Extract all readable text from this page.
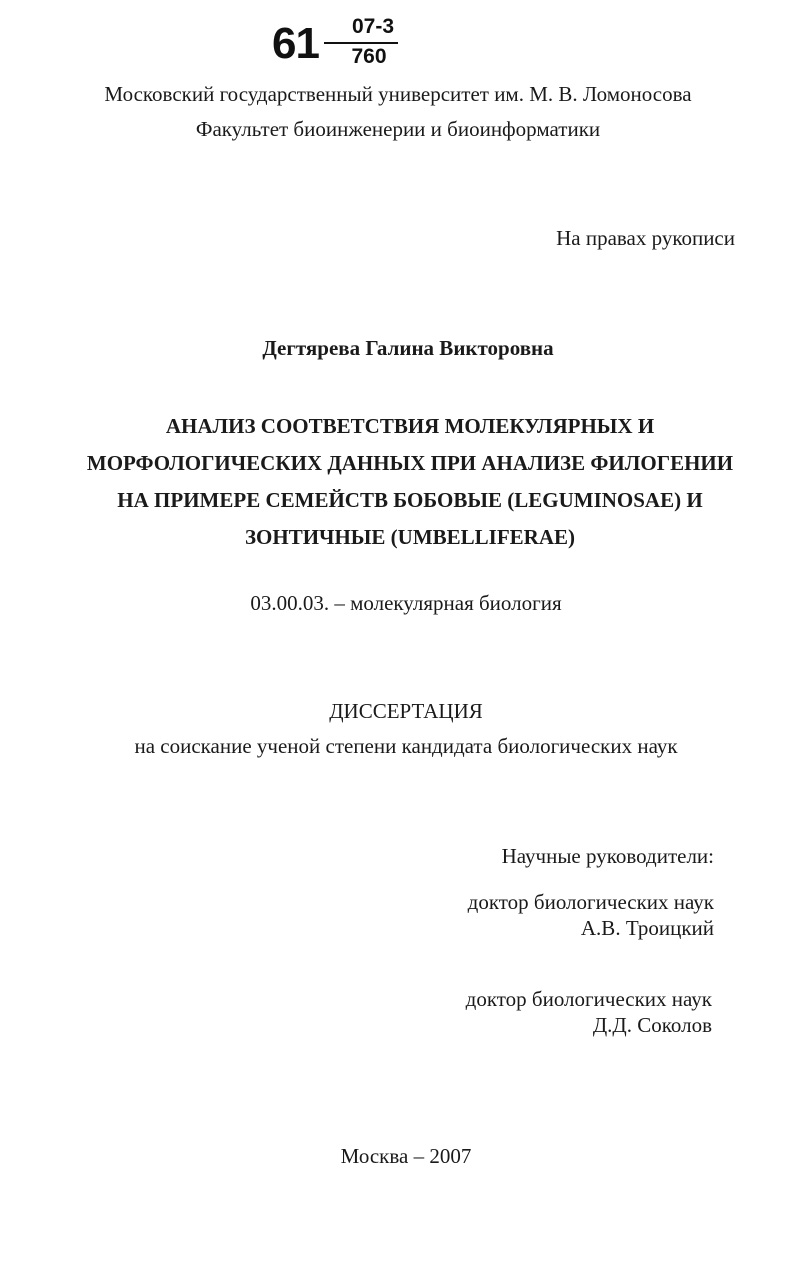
61	07-3
760
Московский государственный университет им. М. В. Ломоносова
Факультет биоинженерии и биоинформатики
На правах рукописи
Дегтярева Галина Викторовна
АНАЛИЗ СООТВЕТСТВИЯ МОЛЕКУЛЯРНЫХ И
МОРФОЛОГИЧЕСКИХ ДАННЫХ ПРИ АНАЛИЗЕ ФИЛОГЕНИИ
НА ПРИМЕРЕ СЕМЕЙСТВ БОБОВЫЕ (LEGUMINOSAE) И
ЗОНТИЧНЫЕ (UMBELLIFERAE)
03.00.03. – молекулярная биология
ДИССЕРТАЦИЯ
на соискание ученой степени кандидата биологических наук
Научные руководители:
доктор биологических наук
А.В. Троицкий
доктор биологических наук
Д.Д. Соколов
Москва – 2007
